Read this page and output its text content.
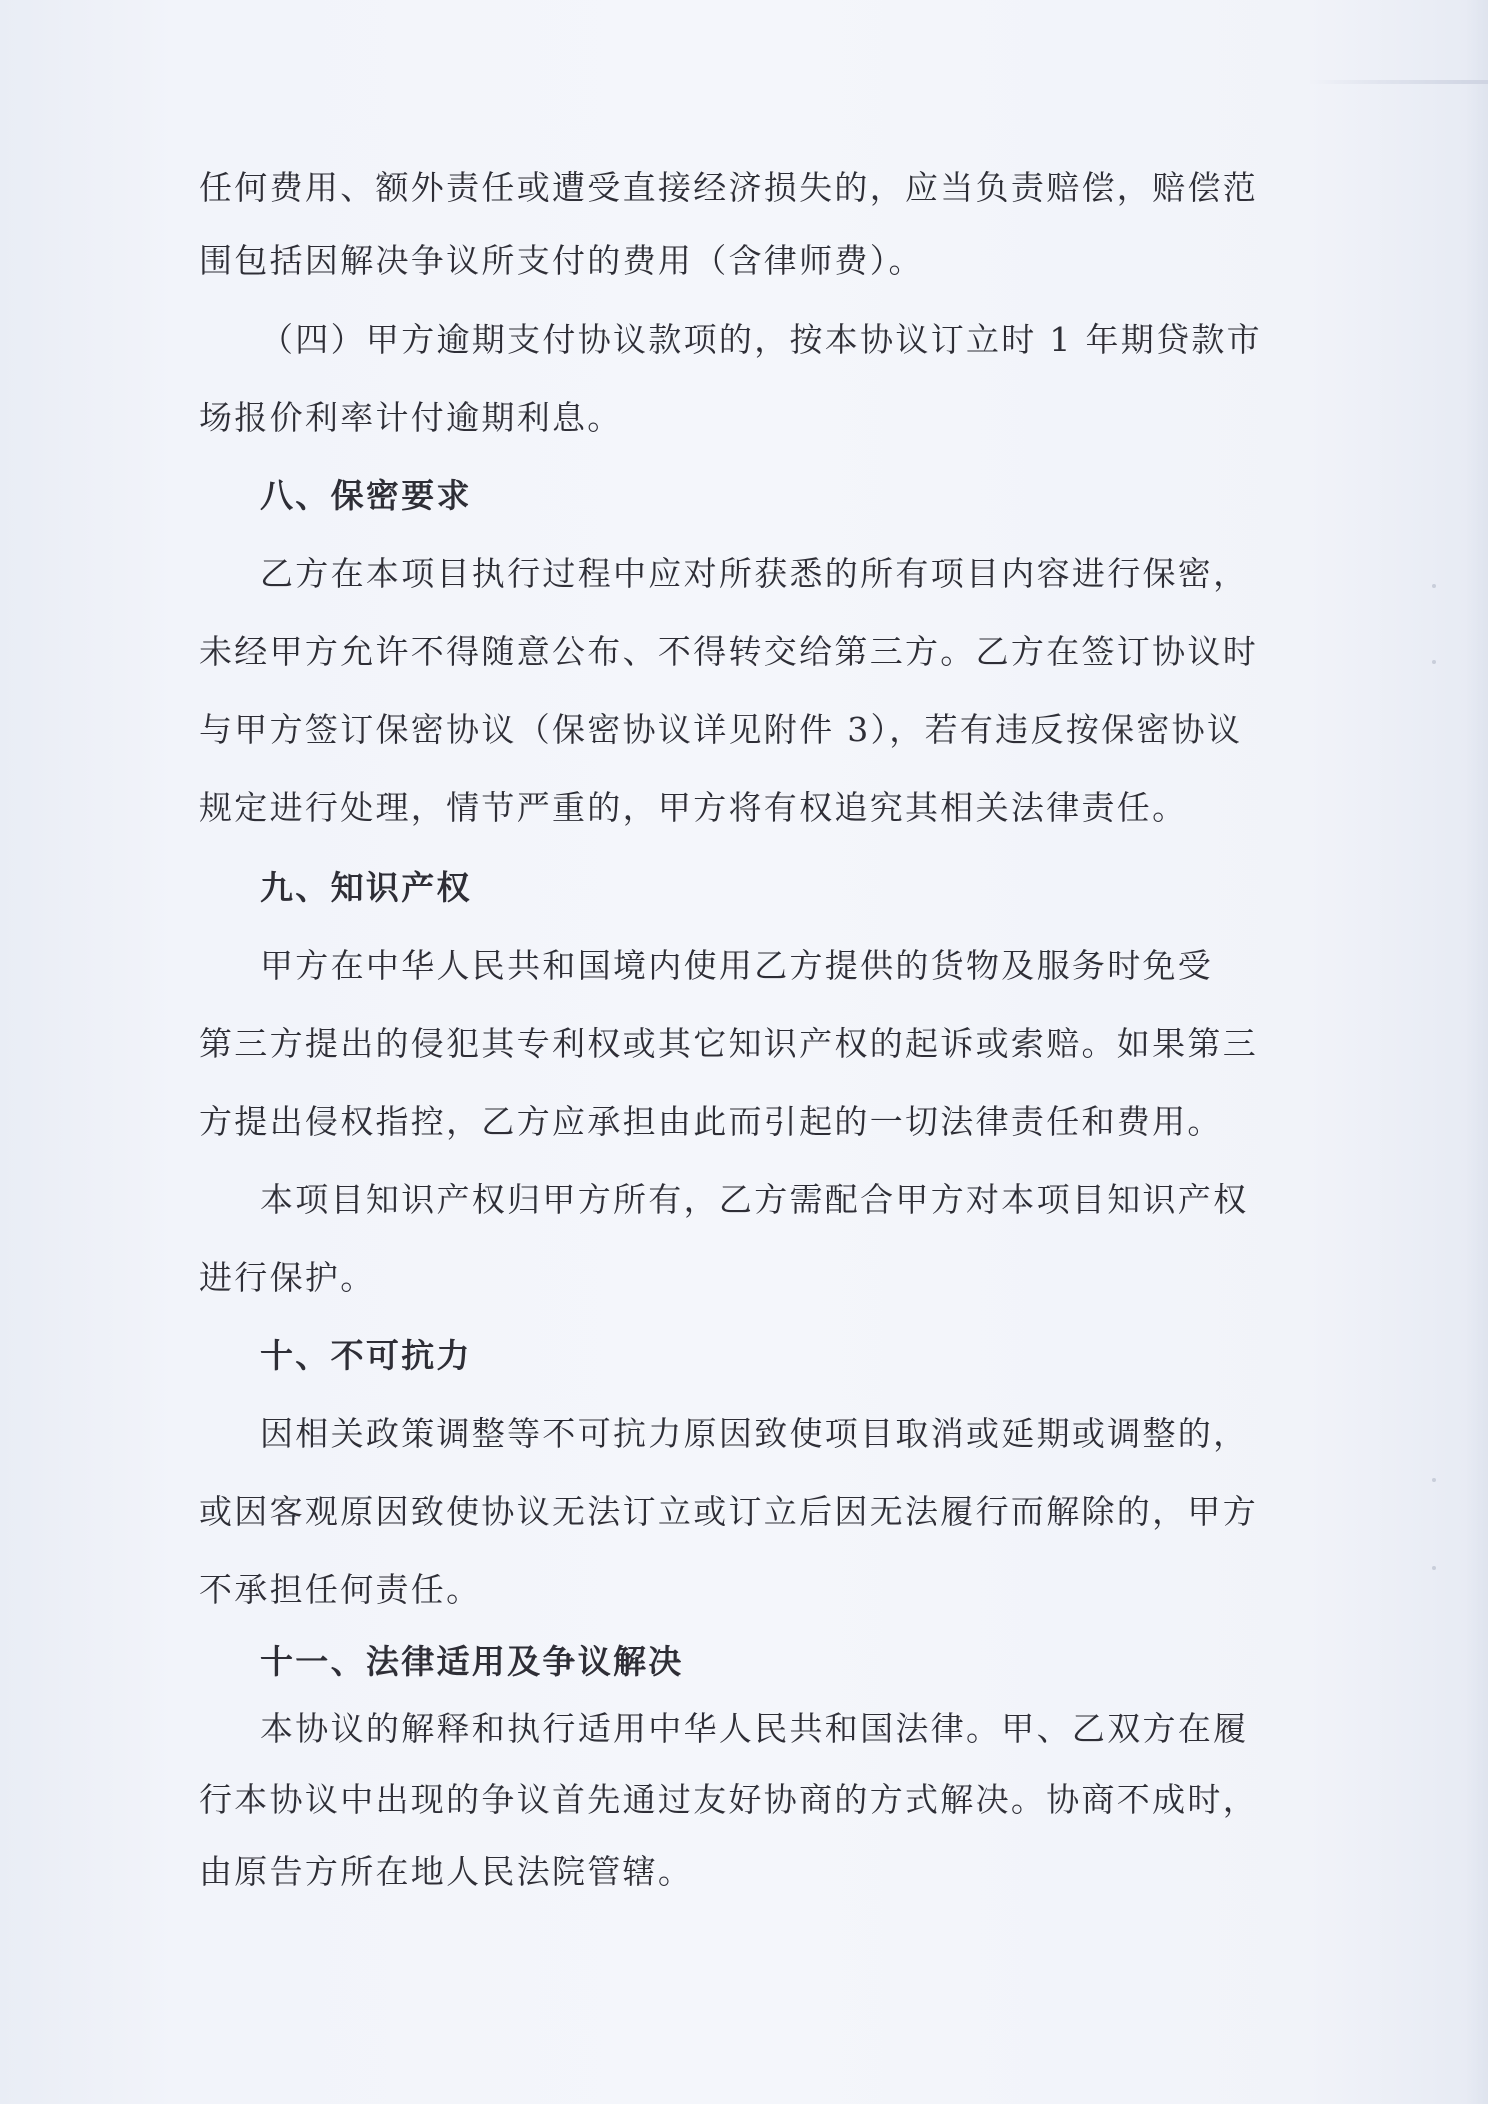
任何费用、额外责任或遭受直接经济损失的，应当负责赔偿，赔偿范

围包括因解决争议所支付的费用（含律师费）。

（四）甲方逾期支付协议款项的，按本协议订立时 1 年期贷款市

场报价利率计付逾期利息。

八、保密要求

乙方在本项目执行过程中应对所获悉的所有项目内容进行保密，

未经甲方允许不得随意公布、不得转交给第三方。乙方在签订协议时

与甲方签订保密协议（保密协议详见附件 3），若有违反按保密协议

规定进行处理，情节严重的，甲方将有权追究其相关法律责任。

九、知识产权

甲方在中华人民共和国境内使用乙方提供的货物及服务时免受

第三方提出的侵犯其专利权或其它知识产权的起诉或索赔。如果第三

方提出侵权指控，乙方应承担由此而引起的一切法律责任和费用。

本项目知识产权归甲方所有，乙方需配合甲方对本项目知识产权

进行保护。

十、不可抗力

因相关政策调整等不可抗力原因致使项目取消或延期或调整的，

或因客观原因致使协议无法订立或订立后因无法履行而解除的，甲方

不承担任何责任。

十一、法律适用及争议解决

本协议的解释和执行适用中华人民共和国法律。甲、乙双方在履

行本协议中出现的争议首先通过友好协商的方式解决。协商不成时，

由原告方所在地人民法院管辖。
